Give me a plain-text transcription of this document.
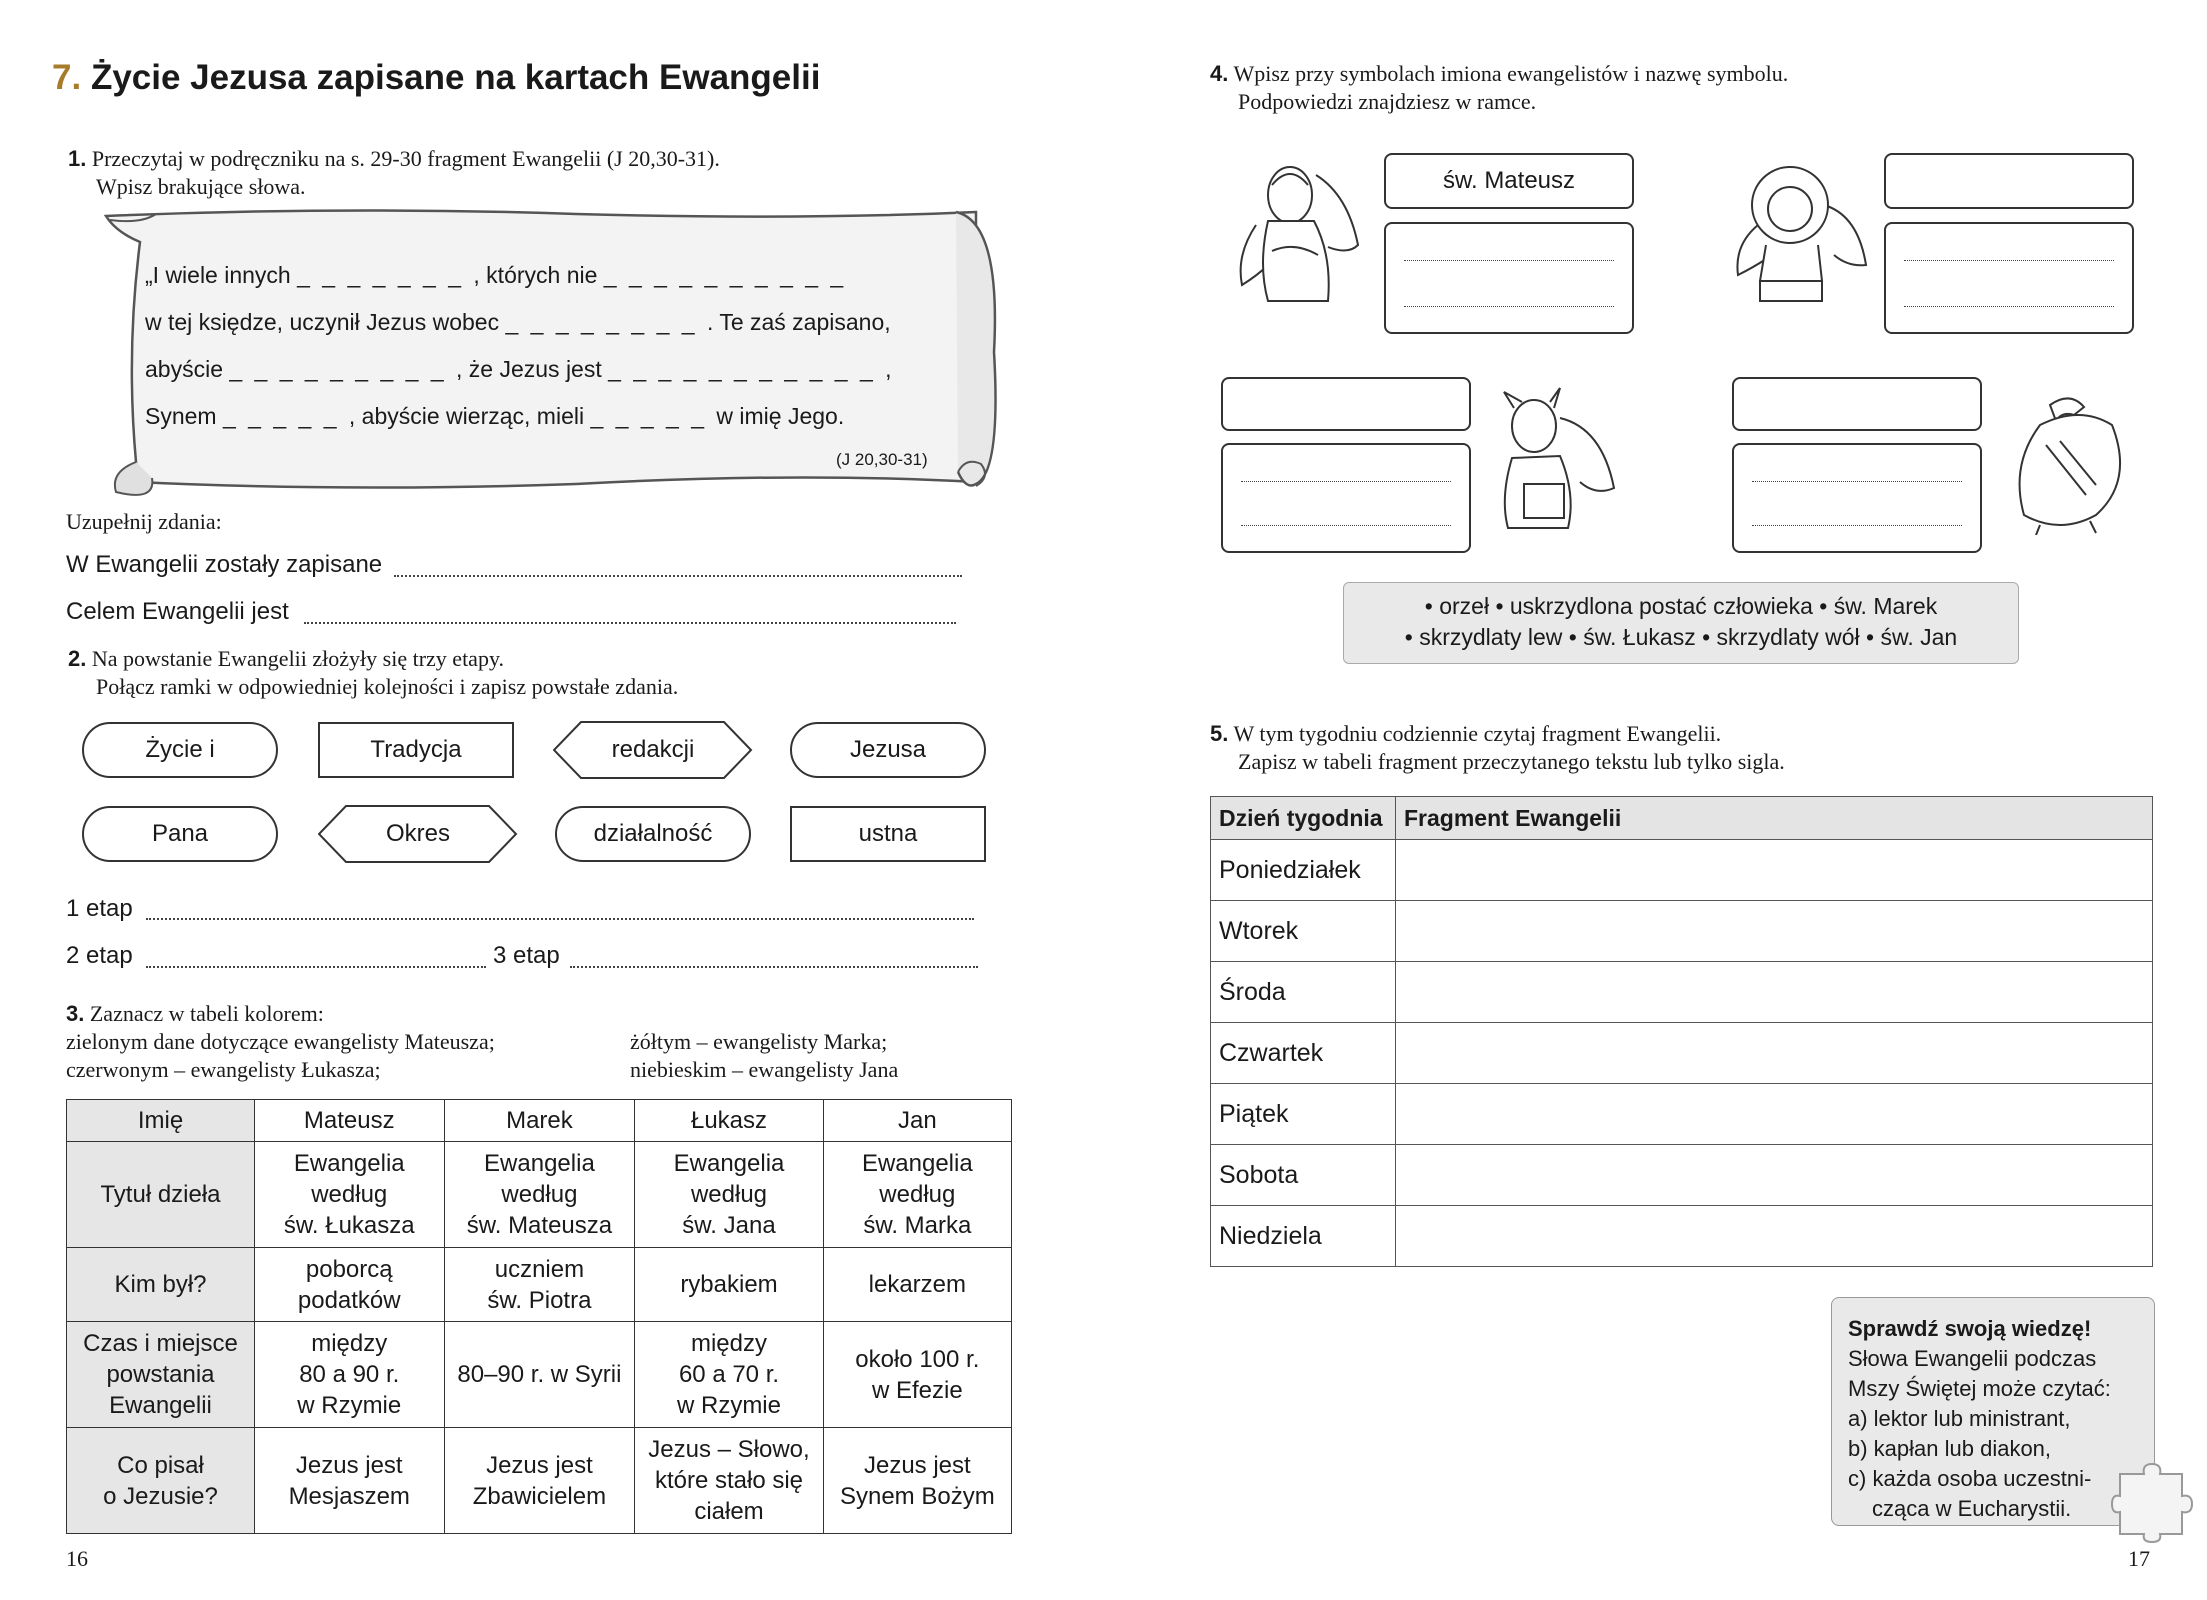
7. Życie Jezusa zapisane na kartach Ewangelii
1. Przeczytaj w podręczniku na s. 29-30 fragment Ewangelii (J 20,30-31).
Wpisz brakujące słowa.
„I wiele innych _ _ _ _ _ _ _ , których nie _ _ _ _ _ _ _ _ _ _
w tej księdze, uczynił Jezus wobec _ _ _ _ _ _ _ _ . Te zaś zapisano,
abyście _ _ _ _ _ _ _ _ _ , że Jezus jest _ _ _ _ _ _ _ _ _ _ _ ,
Synem _ _ _ _ _ , abyście wierząc, mieli _ _ _ _ _ w imię Jego.
(J 20,30-31)
Uzupełnij zdania:
W Ewangelii zostały zapisane
Celem Ewangelii jest
2. Na powstanie Ewangelii złożyły się trzy etapy.
Połącz ramki w odpowiedniej kolejności i zapisz powstałe zdania.
Życie i	Tradycja	redakcji	Jezusa
Pana	Okres	działalność	ustna
1 etap
2 etap	3 etap
3. Zaznacz w tabeli kolorem:
zielonym dane dotyczące ewangelisty Mateusza;
czerwonym – ewangelisty Łukasza;
żółtym – ewangelisty Marka;
niebieskim – ewangelisty Jana
Imię	Mateusz	Marek	Łukasz	Jan
Tytuł dzieła	Ewangelia
według
św. Łukasza	Ewangelia
według
św. Mateusza	Ewangelia
według
św. Jana	Ewangelia
według
św. Marka
Kim był?	poborcą
podatków	uczniem
św. Piotra	rybakiem	lekarzem
Czas i miejsce
powstania
Ewangelii	między
80 a 90 r.
w Rzymie	80–90 r. w Syrii	między
60 a 70 r.
w Rzymie	około 100 r.
w Efezie
Co pisał
o Jezusie?	Jezus jest
Mesjaszem	Jezus jest
Zbawicielem	Jezus – Słowo,
które stało się
ciałem	Jezus jest
Synem Bożym
16
4. Wpisz przy symbolach imiona ewangelistów i nazwę symbolu.
Podpowiedzi znajdziesz w ramce.
św. Mateusz
• orzeł • uskrzydlona postać człowieka • św. Marek
• skrzydlaty lew • św. Łukasz • skrzydlaty wół • św. Jan
5. W tym tygodniu codziennie czytaj fragment Ewangelii.
Zapisz w tabeli fragment przeczytanego tekstu lub tylko sigla.
Dzień tygodnia	Fragment Ewangelii
Poniedziałek	
Wtorek	
Środa	
Czwartek	
Piątek	
Sobota	
Niedziela	
Sprawdź swoją wiedzę!
Słowa Ewangelii podczas
Mszy Świętej może czytać:
a) lektor lub ministrant,
b) kapłan lub diakon,
c) każda osoba uczestni-
cząca w Eucharystii.
17
